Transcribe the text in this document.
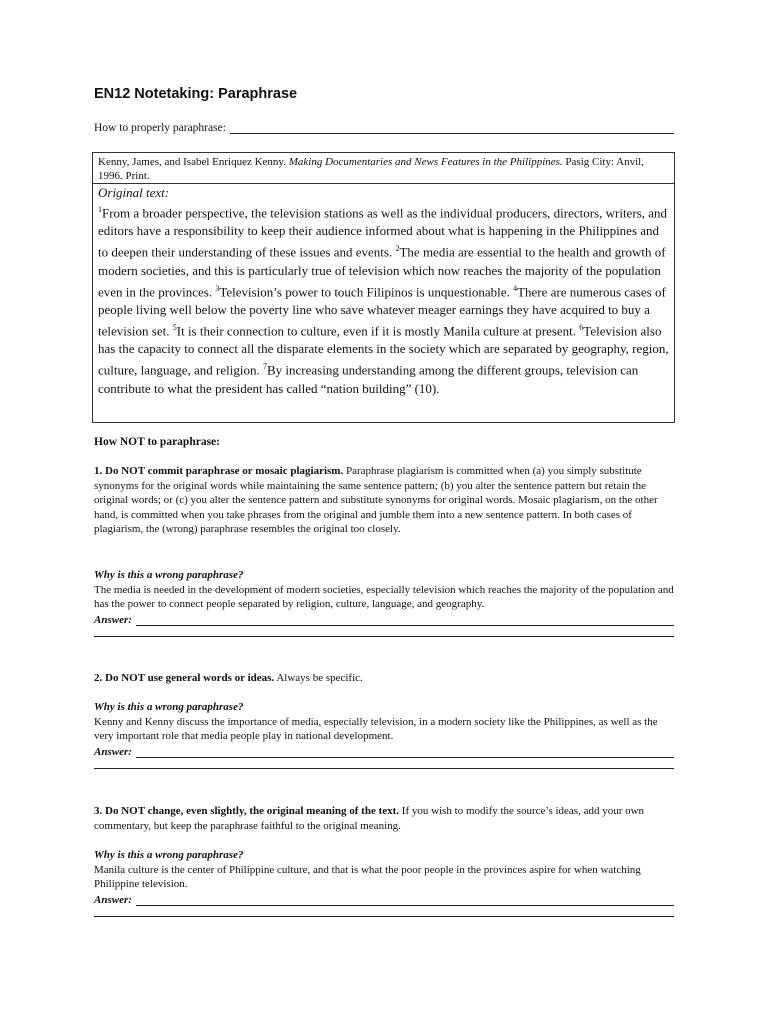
EN12 Notetaking: Paraphrase
How to properly paraphrase:
Kenny, James, and Isabel Enriquez Kenny. Making Documentaries and News Features in the Philippines. Pasig City: Anvil, 1996. Print.
Original text:

$^1$From a broader perspective, the television stations as well as the individual producers, directors, writers, and editors have a responsibility to keep their audience informed about what is happening in the Philippines and to deepen their understanding of these issues and events. $^2$The media are essential to the health and growth of modern societies, and this is particularly true of television which now reaches the majority of the population even in the provinces. $^3$Television’s power to touch Filipinos is unquestionable. $^4$There are numerous cases of people living well below the poverty line who save whatever meager earnings they have acquired to buy a television set. $^5$It is their connection to culture, even if it is mostly Manila culture at present. $^6$Television also has the capacity to connect all the disparate elements in the society which are separated by geography, region, culture, language, and religion. $^7$By increasing understanding among the different groups, television can contribute to what the president has called “nation building” (10).

How NOT to paraphrase:

1. Do NOT commit paraphrase or mosaic plagiarism. Paraphrase plagiarism is committed when (a) you simply substitute synonyms for the original words while maintaining the same sentence pattern; (b) you alter the sentence pattern but retain the original words; or (c) you alter the sentence pattern and substitute synonyms for original words. Mosaic plagiarism, on the other hand, is committed when you take phrases from the original and jumble them into a new sentence pattern. In both cases of plagiarism, the (wrong) paraphrase resembles the original too closely.

Why is this a wrong paraphrase?
The media is needed in the development of modern societies, especially television which reaches the majority of the population and has the power to connect people separated by religion, culture, language, and geography.
Answer:

2. Do NOT use general words or ideas. Always be specific.

Why is this a wrong paraphrase?
Kenny and Kenny discuss the importance of media, especially television, in a modern society like the Philippines, as well as the very important role that media people play in national development.
Answer:

3. Do NOT change, even slightly, the original meaning of the text. If you wish to modify the source’s ideas, add your own commentary, but keep the paraphrase faithful to the original meaning.

Why is this a wrong paraphrase?
Manila culture is the center of Philippine culture, and that is what the poor people in the provinces aspire for when watching Philippine television.
Answer:
